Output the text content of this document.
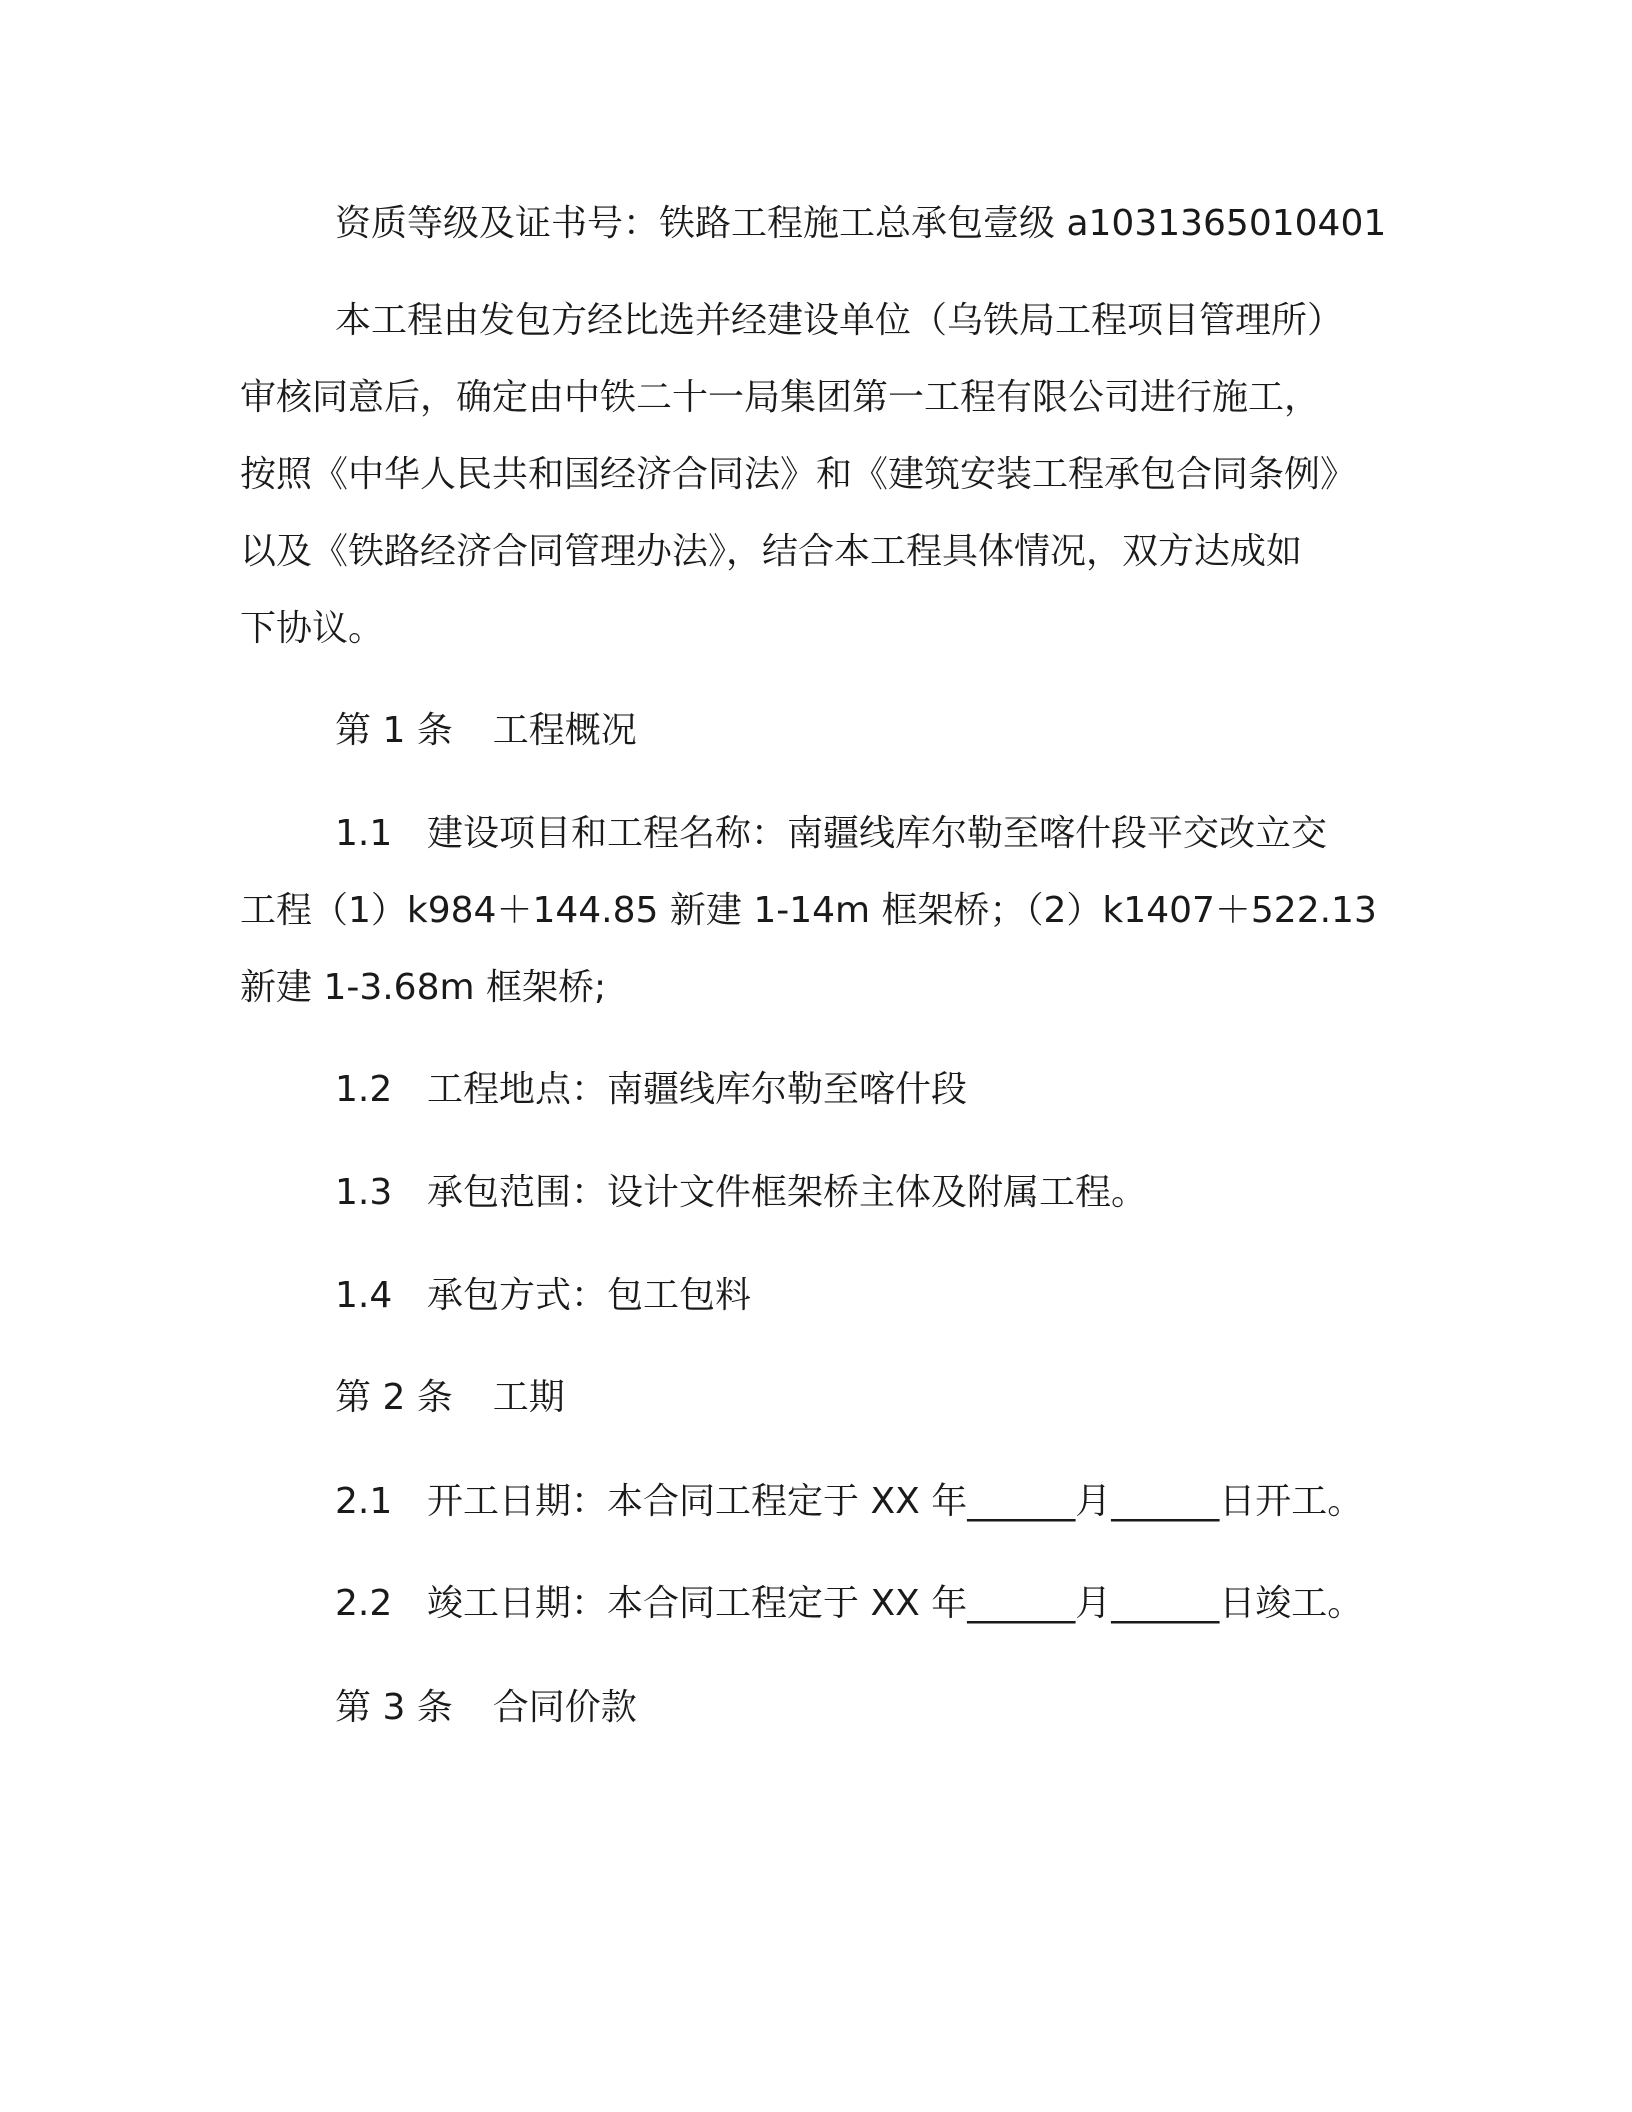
资质等级及证书号：铁路工程施工总承包壹级 a1031365010401

本工程由发包方经比选并经建设单位（乌铁局工程项目管理所）

审核同意后，确定由中铁二十一局集团第一工程有限公司进行施工，

按照《中华人民共和国经济合同法》和《建筑安装工程承包合同条例》

以及《铁路经济合同管理办法》，结合本工程具体情况，双方达成如

下协议。

第 1 条 工程概况

1.1 建设项目和工程名称：南疆线库尔勒至喀什段平交改立交

工程（1）k984＋144.85 新建 1-14m 框架桥；（2）k1407＋522.13

新建 1-3.68m 框架桥;

1.2 工程地点：南疆线库尔勒至喀什段

1.3 承包范围：设计文件框架桥主体及附属工程。

1.4 承包方式：包工包料

第 2 条 工期

2.1 开工日期：本合同工程定于 XX 年______月______日开工。

2.2 竣工日期：本合同工程定于 XX 年______月______日竣工。

第 3 条 合同价款
